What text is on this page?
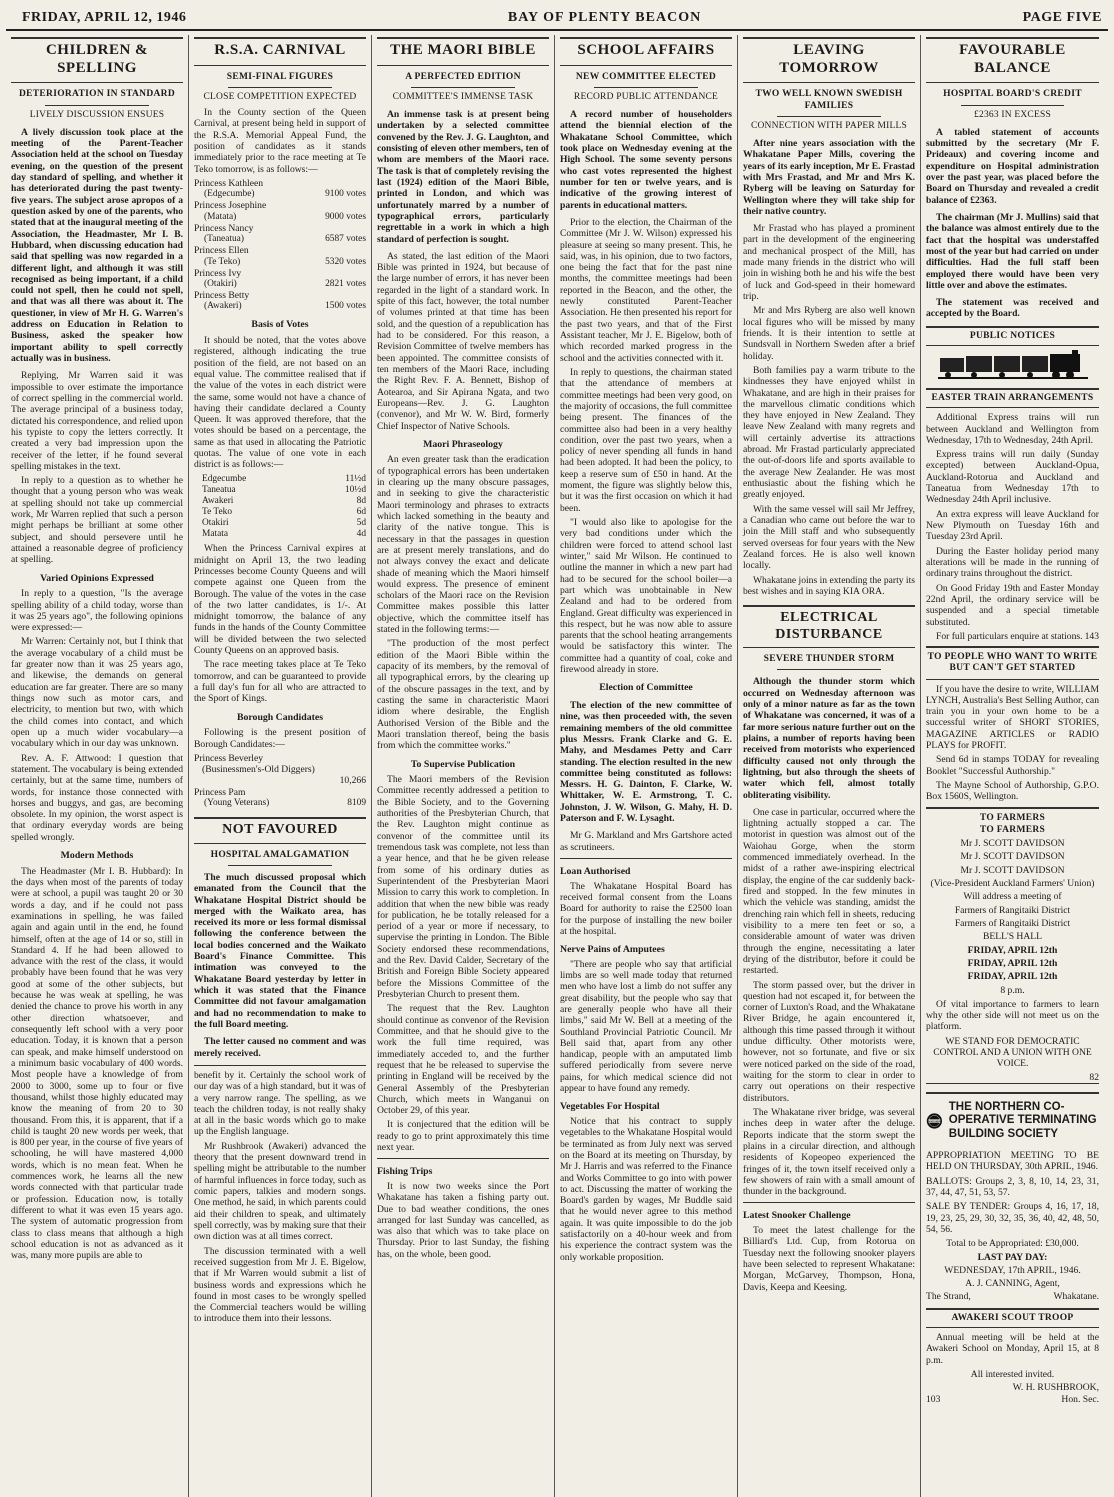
FRIDAY, APRIL 12, 1946	BAY OF PLENTY BEACON	PAGE FIVE
CHILDREN & SPELLING
DETERIORATION IN STANDARD
LIVELY DISCUSSION ENSUES
A lively discussion took place at the meeting of the Parent-Teacher Association held at the school on Tuesday evening, on the question of the present day standard of spelling, and whether it has deteriorated during the past twenty-five years. The subject arose apropos of a question asked by one of the parents, who stated that at the inaugural meeting of the Association, the Headmaster, Mr I. B. Hubbard, when discussing education had said that spelling was now regarded in a different light, and although it was still recognised as being important, if a child could not spell, then he could not spell, and that was all there was about it. The questioner, in view of Mr H. G. Warren's address on Education in Relation to Business, asked the speaker how important ability to spell correctly actually was in business.

Replying, Mr Warren said it was impossible to over estimate the importance of correct spelling in the commercial world. The average principal of a business today, dictated his correspondence, and relied upon his typiste to copy the letters correctly. It created a very bad impression upon the receiver of the letter, if he found several spelling mistakes in the text.

In reply to a question as to whether he thought that a young person who was weak at spelling should not take up commercial work, Mr Warren replied that such a person might perhaps be brilliant at some other subject, and should persevere until he attained a reasonable degree of proficiency at spelling.

Varied Opinions Expressed

In reply to a question, "Is the average spelling ability of a child today, worse than it was 25 years ago", the following opinions were expressed:—

Mr Warren: Certainly not, but I think that the average vocabulary of a child must be far greater now than it was 25 years ago, and likewise, the demands on general education are far greater. There are so many things now such as motor cars, and electricity, to mention but two, with which the child comes into contact, and which open up a much wider vocabulary—a vocabulary which in our day was unknown.

Rev. A. F. Attwood: I question that statement. The vocabulary is being extended certainly, but at the same time, numbers of words, for instance those connected with horses and buggys, and gas, are becoming obsolete. In my opinion, the worst aspect is that ordinary everyday words are being spelled wrongly.

Modern Methods

The Headmaster (Mr I. B. Hubbard): In the days when most of the parents of today were at school, a pupil was taught 20 or 30 words a day, and if he could not pass examinations in spelling, he was failed again and again until in the end, he found himself, often at the age of 14 or so, still in Standard 4. If he had been allowed to advance with the rest of the class, it would probably have been found that he was very good at some of the other subjects, but because he was weak at spelling, he was denied the chance to prove his worth in any other direction whatsoever, and consequently left school with a very poor education. Today, it is known that a person can speak, and make himself understood on a minimum basic vocabulary of 400 words. Most people have a knowledge of from 2000 to 3000, some up to four or five thousand, whilst those highly educated may know the meaning of from 20 to 30 thousand. From this, it is apparent, that if a child is taught 20 new words per week, that is 800 per year, in the course of five years of schooling, he will have mastered 4,000 words, which is no mean feat. When he commences work, he learns all the new words connected with that particular trade or profession. Education now, is totally different to what it was even 15 years ago. The system of automatic progression from class to class means that although a high school education is not as advanced as it was, many more pupils are able to

R.S.A. CARNIVAL
SEMI-FINAL FIGURES
CLOSE COMPETITION EXPECTED

In the County section of the Queen Carnival, at present being held in support of the R.S.A. Memorial Appeal Fund, the position of candidates as it stands immediately prior to the race meeting at Te Teko tomorrow, is as follows:—

Princess Kathleen
(Edgecumbe)	9100 votes
Princess Josephine
(Matata)	9000 votes
Princess Nancy
(Taneatua)	6587 votes
Princess Ellen
(Te Teko)	5320 votes
Princess Ivy
(Otakiri)	2821 votes
Princess Betty
(Awakeri)	1500 votes
Basis of Votes

It should be noted, that the votes above registered, although indicating the true position of the field, are not based on an equal value. The committee realised that if the value of the votes in each district were the same, some would not have a chance of having their candidate declared a County Queen. It was approved therefore, that the votes should be based on a percentage, the same as that used in allocating the Patriotic quotas. The value of one vote in each district is as follows:—

Edgecumbe	11½d
Taneatua	10½d
Awakeri	8d
Te Teko	6d
Otakiri	5d
Matata	4d

When the Princess Carnival expires at midnight on April 13, the two leading Princesses become County Queens and will compete against one Queen from the Borough. The value of the votes in the case of the two latter candidates, is 1/-. At midnight tomorrow, the balance of any funds in the hands of the County Committee will be divided between the two selected County Queens on an approved basis.

The race meeting takes place at Te Teko tomorrow, and can be guaranteed to provide a full day's fun for all who are attracted to the Sport of Kings.

Borough Candidates

Following is the present position of Borough Candidates:—

Princess Beverley
(Businessmen's-Old Diggers)
10,266
Princess Pam
(Young Veterans)	8109
NOT FAVOURED
HOSPITAL AMALGAMATION
The much discussed proposal which emanated from the Council that the Whakatane Hospital District should be merged with the Waikato area, has received its more or less formal dismissal following the conference between the local bodies concerned and the Waikato Board's Finance Committee. This intimation was conveyed to the Whakatane Board yesterday by letter in which it was stated that the Finance Committee did not favour amalgamation and had no recommendation to make to the full Board meeting.
The letter caused no comment and was merely received.

benefit by it. Certainly the school work of our day was of a high standard, but it was of a very narrow range. The spelling, as we teach the children today, is not really shaky at all in the basic words which go to make up the English language.

Mr Rushbrook (Awakeri) advanced the theory that the present downward trend in spelling might be attributable to the number of harmful influences in force today, such as comic papers, talkies and modern songs. One method, he said, in which parents could aid their children to speak, and ultimately spell correctly, was by making sure that their own diction was at all times correct.

The discussion terminated with a well received suggestion from Mr J. E. Bigelow, that if Mr Warren would submit a list of business words and expressions which he found in most cases to be wrongly spelled the Commercial teachers would be willing to introduce them into their lessons.

THE MAORI BIBLE
A PERFECTED EDITION
COMMITTEE'S IMMENSE TASK
An immense task is at present being undertaken by a selected committee convened by the Rev. J. G. Laughton, and consisting of eleven other members, ten of whom are members of the Maori race. The task is that of completely revising the last (1924) edition of the Maori Bible, printed in London, and which was unfortunately marred by a number of typographical errors, particularly regrettable in a work in which a high standard of perfection is sought.

As stated, the last edition of the Maori Bible was printed in 1924, but because of the large number of errors, it has never been regarded in the light of a standard work. In spite of this fact, however, the total number of volumes printed at that time has been sold, and the question of a republication has had to be considered. For this reason, a Revision Committee of twelve members has been appointed. The committee consists of ten members of the Maori Race, including the Right Rev. F. A. Bennett, Bishop of Aotearoa, and Sir Apirana Ngata, and two Europeans—Rev. J. G. Laughton (convenor), and Mr W. W. Bird, formerly Chief Inspector of Native Schools.

Maori Phraseology

An even greater task than the eradication of typographical errors has been undertaken in clearing up the many obscure passages, and in seeking to give the characteristic Maori terminology and phrases to extracts which lacked something in the beauty and clarity of the native tongue. This is necessary in that the passages in question are at present merely translations, and do not always convey the exact and delicate shade of meaning which the Maori himself would express. The presence of eminent scholars of the Maori race on the Revision Committee makes possible this latter objective, which the committee itself has stated in the following terms:—

"The production of the most perfect edition of the Maori Bible within the capacity of its members, by the removal of all typographical errors, by the clearing up of the obscure passages in the text, and by casting the same in characteristic Maori idiom where desirable, the English Authorised Version of the Bible and the Maori translation thereof, being the basis from which the committee works."

To Supervise Publication

The Maori members of the Revision Committee recently addressed a petition to the Bible Society, and to the Governing authorities of the Presbyterian Church, that the Rev. Laughton might continue as convenor of the committee until its tremendous task was complete, not less than a year hence, and that he be given release from some of his ordinary duties as Superintendent of the Presbyterian Maori Mission to carry this work to completion. In addition that when the new bible was ready for publication, he be totally released for a period of a year or more if necessary, to supervise the printing in London. The Bible Society endorsed these recommendations, and the Rev. David Calder, Secretary of the British and Foreign Bible Society appeared before the Missions Committee of the Presbyterian Church to present them.

The request that the Rev. Laughton should continue as convenor of the Revision Committee, and that he should give to the work the full time required, was immediately acceded to, and the further request that he be released to supervise the printing in England will be received by the General Assembly of the Presbyterian Church, which meets in Wanganui on October 29, of this year.

It is conjectured that the edition will be ready to go to print approximately this time next year.

Fishing Trips

It is now two weeks since the Port Whakatane has taken a fishing party out. Due to bad weather conditions, the ones arranged for last Sunday was cancelled, as was also that which was to take place on Thursday. Prior to last Sunday, the fishing has, on the whole, been good.

SCHOOL AFFAIRS
NEW COMMITTEE ELECTED
RECORD PUBLIC ATTENDANCE
A record number of householders attend the biennial election of the Whakatane School Committee, which took place on Wednesday evening at the High School. The some seventy persons who cast votes represented the highest number for ten or twelve years, and is indicative of the growing interest of parents in educational matters.

Prior to the election, the Chairman of the Committee (Mr J. W. Wilson) expressed his pleasure at seeing so many present. This, he said, was, in his opinion, due to two factors, one being the fact that for the past nine months, the committee meetings had been reported in the Beacon, and the other, the newly constituted Parent-Teacher Association. He then presented his report for the past two years, and that of the First Assistant teacher, Mr J. E. Bigelow, both of which recorded marked progress in the school and the activities connected with it.

In reply to questions, the chairman stated that the attendance of members at committee meetings had been very good, on the majority of occasions, the full committee being present. The finances of the committee also had been in a very healthy condition, over the past two years, when a policy of never spending all funds in hand had been adopted. It had been the policy, to keep a reserve sum of £50 in hand. At the moment, the figure was slightly below this, but it was the first occasion on which it had been.

"I would also like to apologise for the very bad conditions under which the children were forced to attend school last winter," said Mr Wilson. He continued to outline the manner in which a new part had had to be secured for the school boiler—a part which was unobtainable in New Zealand and had to be ordered from England. Great difficulty was experienced in this respect, but he was now able to assure parents that the school heating arrangements would be satisfactory this winter. The committee had a quantity of coal, coke and firewood already in store.

Election of Committee
The election of the new committee of nine, was then proceeded with, the seven remaining members of the old committee plus Messrs. Frank Clarke and G. E. Mahy, and Mesdames Petty and Carr standing. The election resulted in the new committee being constituted as follows: Messrs. H. G. Dainton, F. Clarke, W. Whittaker, W. E. Armstrong, T. C. Johnston, J. W. Wilson, G. Mahy, H. D. Paterson and F. W. Lysaght.

Mr G. Markland and Mrs Gartshore acted as scrutineers.

Loan Authorised

The Whakatane Hospital Board has received formal consent from the Loans Board for authority to raise the £2500 loan for the purpose of installing the new boiler at the hospital.

Nerve Pains of Amputees

"There are people who say that artificial limbs are so well made today that returned men who have lost a limb do not suffer any great disability, but the people who say that are generally people who have all their limbs," said Mr W. Bell at a meeting of the Southland Provincial Patriotic Council. Mr Bell said that, apart from any other handicap, people with an amputated limb suffered periodically from severe nerve pains, for which medical science did not appear to have found any remedy.

Vegetables For Hospital

Notice that his contract to supply vegetables to the Whakatane Hospital would be terminated as from July next was served on the Board at its meeting on Thursday, by Mr J. Harris and was referred to the Finance and Works Committee to go into with power to act. Discussing the matter of working the Board's garden by wages, Mr Buddle said that he would never agree to this method again. It was quite impossible to do the job satisfactorily on a 40-hour week and from his experience the contract system was the only workable proposition.

LEAVING TOMORROW
TWO WELL KNOWN SWEDISH FAMILIES
CONNECTION WITH PAPER MILLS
After nine years association with the Whakatane Paper Mills, covering the years of its early inception, Mr E. Frastad with Mrs Frastad, and Mr and Mrs K. Ryberg will be leaving on Saturday for Wellington where they will take ship for their native country.

Mr Frastad who has played a prominent part in the development of the engineering and mechanical prospect of the Mill, has made many friends in the district who will join in wishing both he and his wife the best of luck and God-speed in their homeward trip.

Mr and Mrs Ryberg are also well known local figures who will be missed by many friends. It is their intention to settle at Sundsvall in Northern Sweden after a brief holiday.

Both families pay a warm tribute to the kindnesses they have enjoyed whilst in Whakatane, and are high in their praises for the marvellous climatic conditions which they have enjoyed in New Zealand. They leave New Zealand with many regrets and will certainly advertise its attractions abroad. Mr Frastad particularly appreciated the out-of-doors life and sports available to the average New Zealander. He was most enthusiastic about the fishing which he greatly enjoyed.

With the same vessel will sail Mr Jeffrey, a Canadian who came out before the war to join the Mill staff and who subsequently served overseas for four years with the New Zealand forces. He is also well known locally.

Whakatane joins in extending the party its best wishes and in saying KIA ORA.

ELECTRICAL DISTURBANCE
SEVERE THUNDER STORM
Although the thunder storm which occurred on Wednesday afternoon was only of a minor nature as far as the town of Whakatane was concerned, it was of a far more serious nature further out on the plains, a number of reports having been received from motorists who experienced difficulty caused not only through the lightning, but also through the sheets of water which fell, almost totally obliterating visibility.

One case in particular, occurred where the lightning actually stopped a car. The motorist in question was almost out of the Waiohau Gorge, when the storm commenced immediately overhead. In the midst of a rather awe-inspiring electrical display, the engine of the car suddenly back-fired and stopped. In the few minutes in which the vehicle was standing, amidst the drenching rain which fell in sheets, reducing visibility to a mere ten feet or so, a considerable amount of water was driven through the engine, necessitating a later drying of the distributor, before it could be restarted.

The storm passed over, but the driver in question had not escaped it, for between the corner of Luxton's Road, and the Whakatane River Bridge, he again encountered it, although this time passed through it without undue difficulty. Other motorists were, however, not so fortunate, and five or six were noticed parked on the side of the road, waiting for the storm to clear in order to carry out operations on their respective distributors.

The Whakatane river bridge, was several inches deep in water after the deluge. Reports indicate that the storm swept the plains in a circular direction, and although residents of Kopeopeo experienced the fringes of it, the town itself received only a few showers of rain with a small amount of thunder in the background.

Latest Snooker Challenge

To meet the latest challenge for the Billiard's Ltd. Cup, from Rotorua on Tuesday next the following snooker players have been selected to represent Whakatane: Morgan, McGarvey, Thompson, Hona, Davis, Keepa and Keesing.

FAVOURABLE BALANCE
HOSPITAL BOARD'S CREDIT
£2363 IN EXCESS
A tabled statement of accounts submitted by the secretary (Mr F. Prideaux) and covering income and expenditure on Hospital administration over the past year, was placed before the Board on Thursday and revealed a credit balance of £2363.
The chairman (Mr J. Mullins) said that the balance was almost entirely due to the fact that the hospital was understaffed most of the year but had carried on under difficulties. Had the full staff been employed there would have been very little over and above the estimates.
The statement was received and accepted by the Board.
PUBLIC NOTICES
EASTER TRAIN ARRANGEMENTS

Additional Express trains will run between Auckland and Wellington from Wednesday, 17th to Wednesday, 24th April.

Express trains will run daily (Sunday excepted) between Auckland-Opua, Auckland-Rotorua and Auckland and Taneatua from Wednesday 17th to Wednesday 24th April inclusive.

An extra express will leave Auckland for New Plymouth on Tuesday 16th and Tuesday 23rd April.

During the Easter holiday period many alterations will be made in the running of ordinary trains throughout the district.

On Good Friday 19th and Easter Monday 22nd April, the ordinary service will be suspended and a special timetable substituted.

For full particulars enquire at stations. 143
TO PEOPLE WHO WANT TO WRITE BUT CAN'T GET STARTED

If you have the desire to write, WILLIAM LYNCH, Australia's Best Selling Author, can train you in your own home to be a successful writer of SHORT STORIES, MAGAZINE ARTICLES or RADIO PLAYS for PROFIT.

Send 6d in stamps TODAY for revealing Booklet "Successful Authorship."

The Mayne School of Authorship, G.P.O. Box 1560S, Wellington.

TO FARMERS
TO FARMERS
Mr J. SCOTT DAVIDSON
Mr J. SCOTT DAVIDSON
Mr J. SCOTT DAVIDSON
(Vice-President Auckland Farmers' Union)
Will address a meeting of
Farmers of Rangitaiki District
Farmers of Rangitaiki District
BELL'S HALL
FRIDAY, APRIL 12th
FRIDAY, APRIL 12th
FRIDAY, APRIL 12th
8 p.m.

Of vital importance to farmers to learn why the other side will not meet us on the platform.

WE STAND FOR DEMOCRATIC CONTROL AND A UNION WITH ONE VOICE.
82
NORTHERN
THE NORTHERN CO-OPERATIVE TERMINATING BUILDING SOCIETY

APPROPRIATION MEETING TO BE HELD ON THURSDAY, 30th APRIL, 1946.

BALLOTS: Groups 2, 3, 8, 10, 14, 23, 31, 37, 44, 47, 51, 53, 57.

SALE BY TENDER: Groups 4, 16, 17, 18, 19, 23, 25, 29, 30, 32, 35, 36, 40, 42, 48, 50, 54, 56.

Total to be Appropriated: £30,000.
LAST PAY DAY:
WEDNESDAY, 17th APRIL, 1946.
A. J. CANNING, Agent,
The Strand,	Whakatane.
AWAKERI SCOUT TROOP

Annual meeting will be held at the Awakeri School on Monday, April 15, at 8 p.m.

All interested invited.
W. H. RUSHBROOK,
103	Hon. Sec.
